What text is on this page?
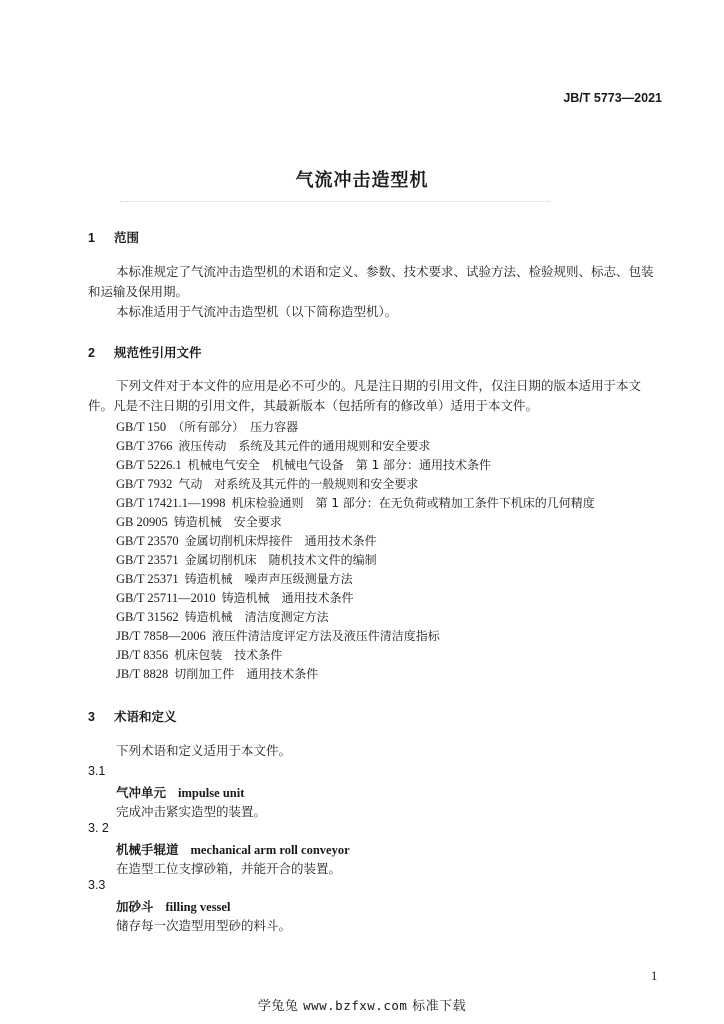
JB/T 5773—2021
气流冲击造型机
1 范围
本标准规定了气流冲击造型机的术语和定义、参数、技术要求、试验方法、检验规则、标志、包装
和运输及保用期。
本标准适用于气流冲击造型机（以下简称造型机）。
2 规范性引用文件
下列文件对于本文件的应用是必不可少的。凡是注日期的引用文件，仅注日期的版本适用于本文
件。凡是不注日期的引用文件，其最新版本（包括所有的修改单）适用于本文件。
GB/T 150 （所有部分）　压力容器
GB/T 3766 液压传动　系统及其元件的通用规则和安全要求
GB/T 5226.1 机械电气安全　机械电气设备　第 1 部分：通用技术条件
GB/T 7932 气动　对系统及其元件的一般规则和安全要求
GB/T 17421.1—1998 机床检验通则　第 1 部分：在无负荷或精加工条件下机床的几何精度
GB 20905 铸造机械　安全要求
GB/T 23570 金属切削机床焊接件　通用技术条件
GB/T 23571 金属切削机床　随机技术文件的编制
GB/T 25371 铸造机械　噪声声压级测量方法
GB/T 25711—2010 铸造机械　通用技术条件
GB/T 31562 铸造机械　清洁度测定方法
JB/T 7858—2006 液压件清洁度评定方法及液压件清洁度指标
JB/T 8356 机床包装　技术条件
JB/T 8828 切削加工件　通用技术条件
3 术语和定义
下列术语和定义适用于本文件。
3.1
气冲单元 impulse unit
完成冲击紧实造型的装置。
3. 2
机械手辊道 mechanical arm roll conveyor
在造型工位支撑砂箱，并能开合的装置。
3.3
加砂斗 filling vessel
储存每一次造型用型砂的料斗。
1
学兔兔 www.bzfxw.com 标准下载
